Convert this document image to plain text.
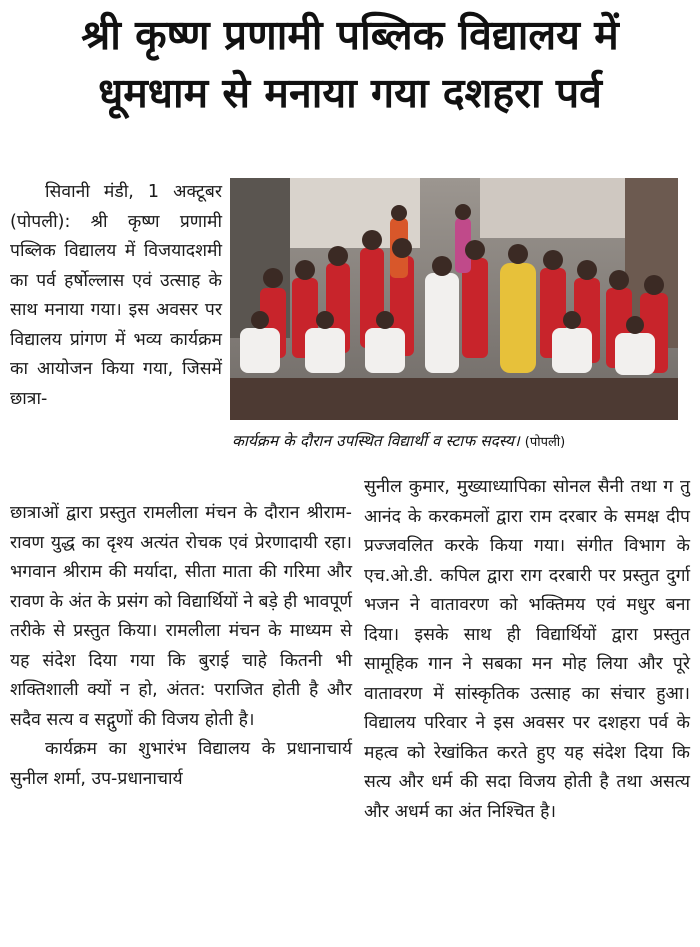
श्री कृष्ण प्रणामी पब्लिक विद्यालय में
धूमधाम से मनाया गया दशहरा पर्व

सिवानी मंडी, 1 अक्टूबर (पोपली): श्री कृष्ण प्रणामी पब्लिक विद्यालय में विजयादशमी का पर्व हर्षोल्लास एवं उत्साह के साथ मनाया गया। इस अवसर पर विद्यालय प्रांगण में भव्य कार्यक्रम का आयोजन किया गया, जिसमें छात्रा-

कार्यक्रम के दौरान उपस्थित विद्यार्थी व स्टाफ सदस्य। (पोपली)

छात्राओं द्वारा प्रस्तुत रामलीला मंचन के दौरान श्रीराम-रावण युद्ध का दृश्य अत्यंत रोचक एवं प्रेरणादायी रहा। भगवान श्रीराम की मर्यादा, सीता माता की गरिमा और रावण के अंत के प्रसंग को विद्यार्थियों ने बड़े ही भावपूर्ण तरीके से प्रस्तुत किया। रामलीला मंचन के माध्यम से यह संदेश दिया गया कि बुराई चाहे कितनी भी शक्तिशाली क्यों न हो, अंतत: पराजित होती है और सदैव सत्य व सद्गुणों की विजय होती है।

कार्यक्रम का शुभारंभ विद्यालय के प्रधानाचार्य सुनील शर्मा, उप-प्रधानाचार्य

सुनील कुमार, मुख्याध्यापिका सोनल सैनी तथा ग तु आनंद के करकमलों द्वारा राम दरबार के समक्ष दीप प्रज्जवलित करके किया गया। संगीत विभाग के एच.ओ.डी. कपिल द्वारा राग दरबारी पर प्रस्तुत दुर्गा भजन ने वातावरण को भक्तिमय एवं मधुर बना दिया। इसके साथ ही विद्यार्थियों द्वारा प्रस्तुत सामूहिक गान ने सबका मन मोह लिया और पूरे वातावरण में सांस्कृतिक उत्साह का संचार हुआ। विद्यालय परिवार ने इस अवसर पर दशहरा पर्व के महत्व को रेखांकित करते हुए यह संदेश दिया कि सत्य और धर्म की सदा विजय होती है तथा असत्य और अधर्म का अंत निश्चित है।
